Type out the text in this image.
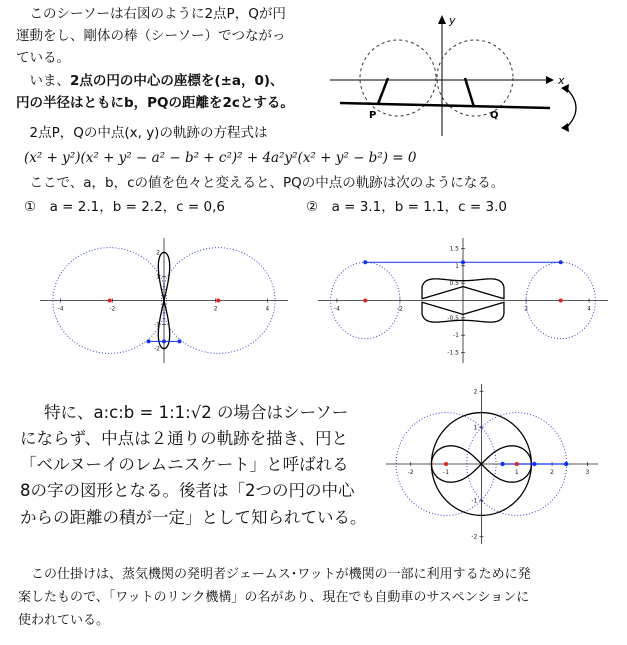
　このシーソーは右図のように2点P，Qが円
運動をし、剛体の棒（シーソー）でつながっ
ている。
　いま、2点の円の中心の座標を(±a，0)、
円の半径はともにb，PQの距離を2cとする。
　2点P，Qの中点(x, y)の軌跡の方程式は
(x² + y²)(x² + y² − a² − b² + c²)² + 4a²y²(x² + y² − b²) = 0
　ここで、a，b，cの値を色々と変えると、PQの中点の軌跡は次のようになる。
①　a = 2.1，b = 2.2，c = 0,6	②　a = 3.1，b = 1.1，c = 3.0
y
x
P	Q
-4	-2	2	4
2
1
-1
-2
-4	-2	2	4
1.5
1
0.5
-0.5
-1
-1.5
特に、a:c:b = 1:1:√2 の場合はシーソー
にならず、中点は２通りの軌跡を描き、円と
「ベルヌーイのレムニスケート」と呼ばれる
8の字の図形となる。後者は「2つの円の中心
からの距離の積が一定」として知られている。
-2	-1	1	2	3
2
1
-1
-2
　この仕掛けは、蒸気機関の発明者ジェームス･ワットが機関の一部に利用するために発
案したもので、「ワットのリンク機構」の名があり、現在でも自動車のサスペンションに
使われている。
